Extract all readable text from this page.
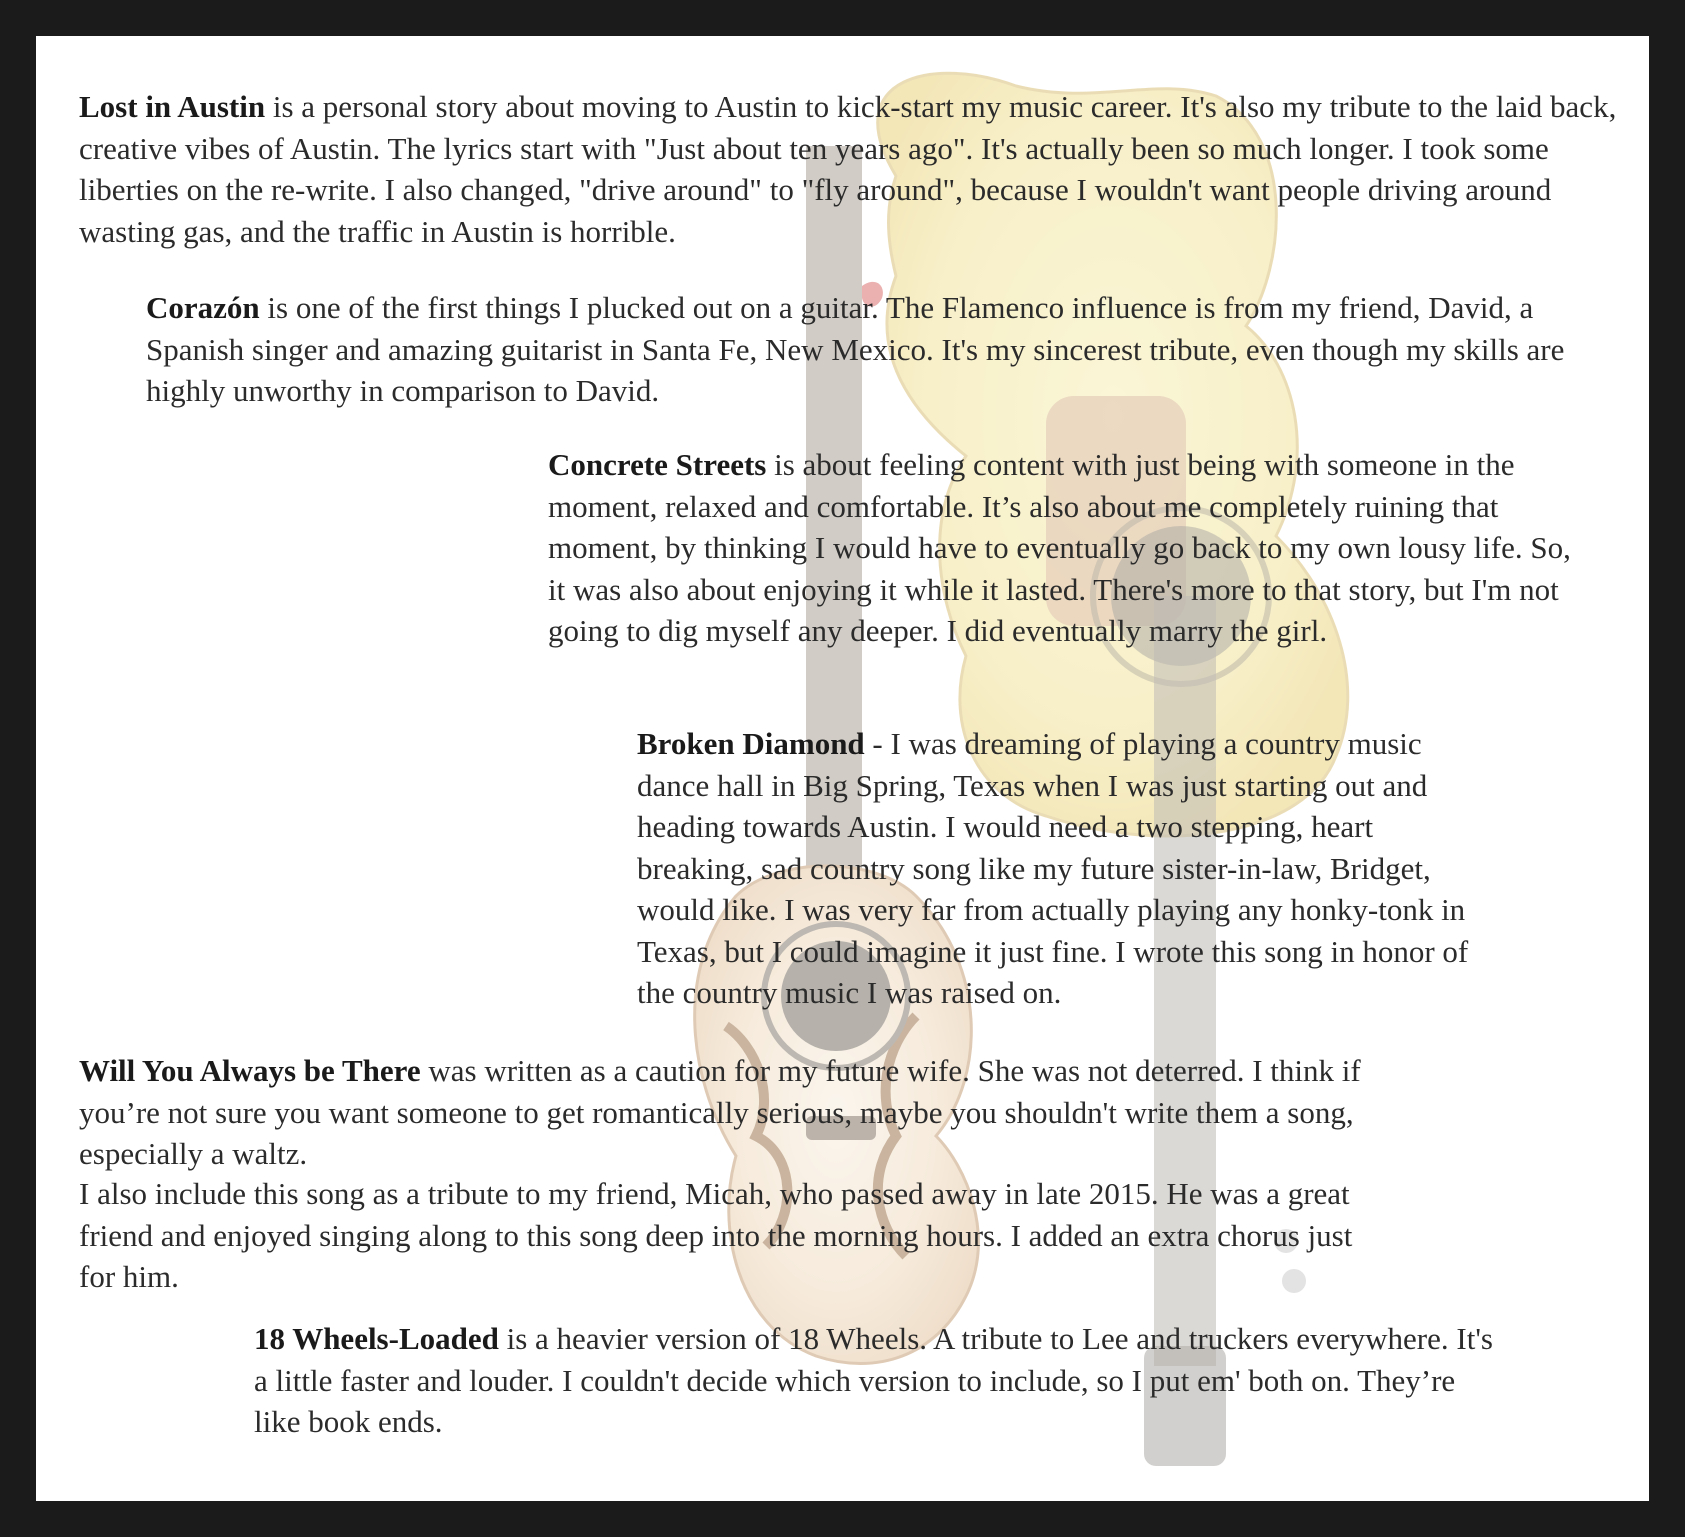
Lost in Austin is a personal story about moving to Austin to kick-start my music career. It's also my tribute to the laid back, creative vibes of Austin. The lyrics start with "Just about ten years ago". It's actually been so much longer. I took some liberties on the re-write. I also changed, "drive around" to "fly around", because I wouldn't want people driving around wasting gas, and the traffic in Austin is horrible.

Corazón is one of the first things I plucked out on a guitar. The Flamenco influence is from my friend, David, a Spanish singer and amazing guitarist in Santa Fe, New Mexico. It's my sincerest tribute, even though my skills are highly unworthy in comparison to David.

Concrete Streets is about feeling content with just being with someone in the moment, relaxed and comfortable. It’s also about me completely ruining that moment, by thinking I would have to eventually go back to my own lousy life. So, it was also about enjoying it while it lasted. There's more to that story, but I'm not going to dig myself any deeper. I did eventually marry the girl.

Broken Diamond - I was dreaming of playing a country music dance hall in Big Spring, Texas when I was just starting out and heading towards Austin. I would need a two stepping, heart breaking, sad country song like my future sister-in-law, Bridget, would like. I was very far from actually playing any honky-tonk in Texas, but I could imagine it just fine. I wrote this song in honor of the country music I was raised on.

Will You Always be There was written as a caution for my future wife. She was not deterred. I think if you’re not sure you want someone to get romantically serious, maybe you shouldn't write them a song, especially a waltz.

I also include this song as a tribute to my friend, Micah, who passed away in late 2015. He was a great friend and enjoyed singing along to this song deep into the morning hours. I added an extra chorus just for him.

18 Wheels-Loaded is a heavier version of 18 Wheels. A tribute to Lee and truckers everywhere. It's a little faster and louder. I couldn't decide which version to include, so I put em' both on. They’re like book ends.
